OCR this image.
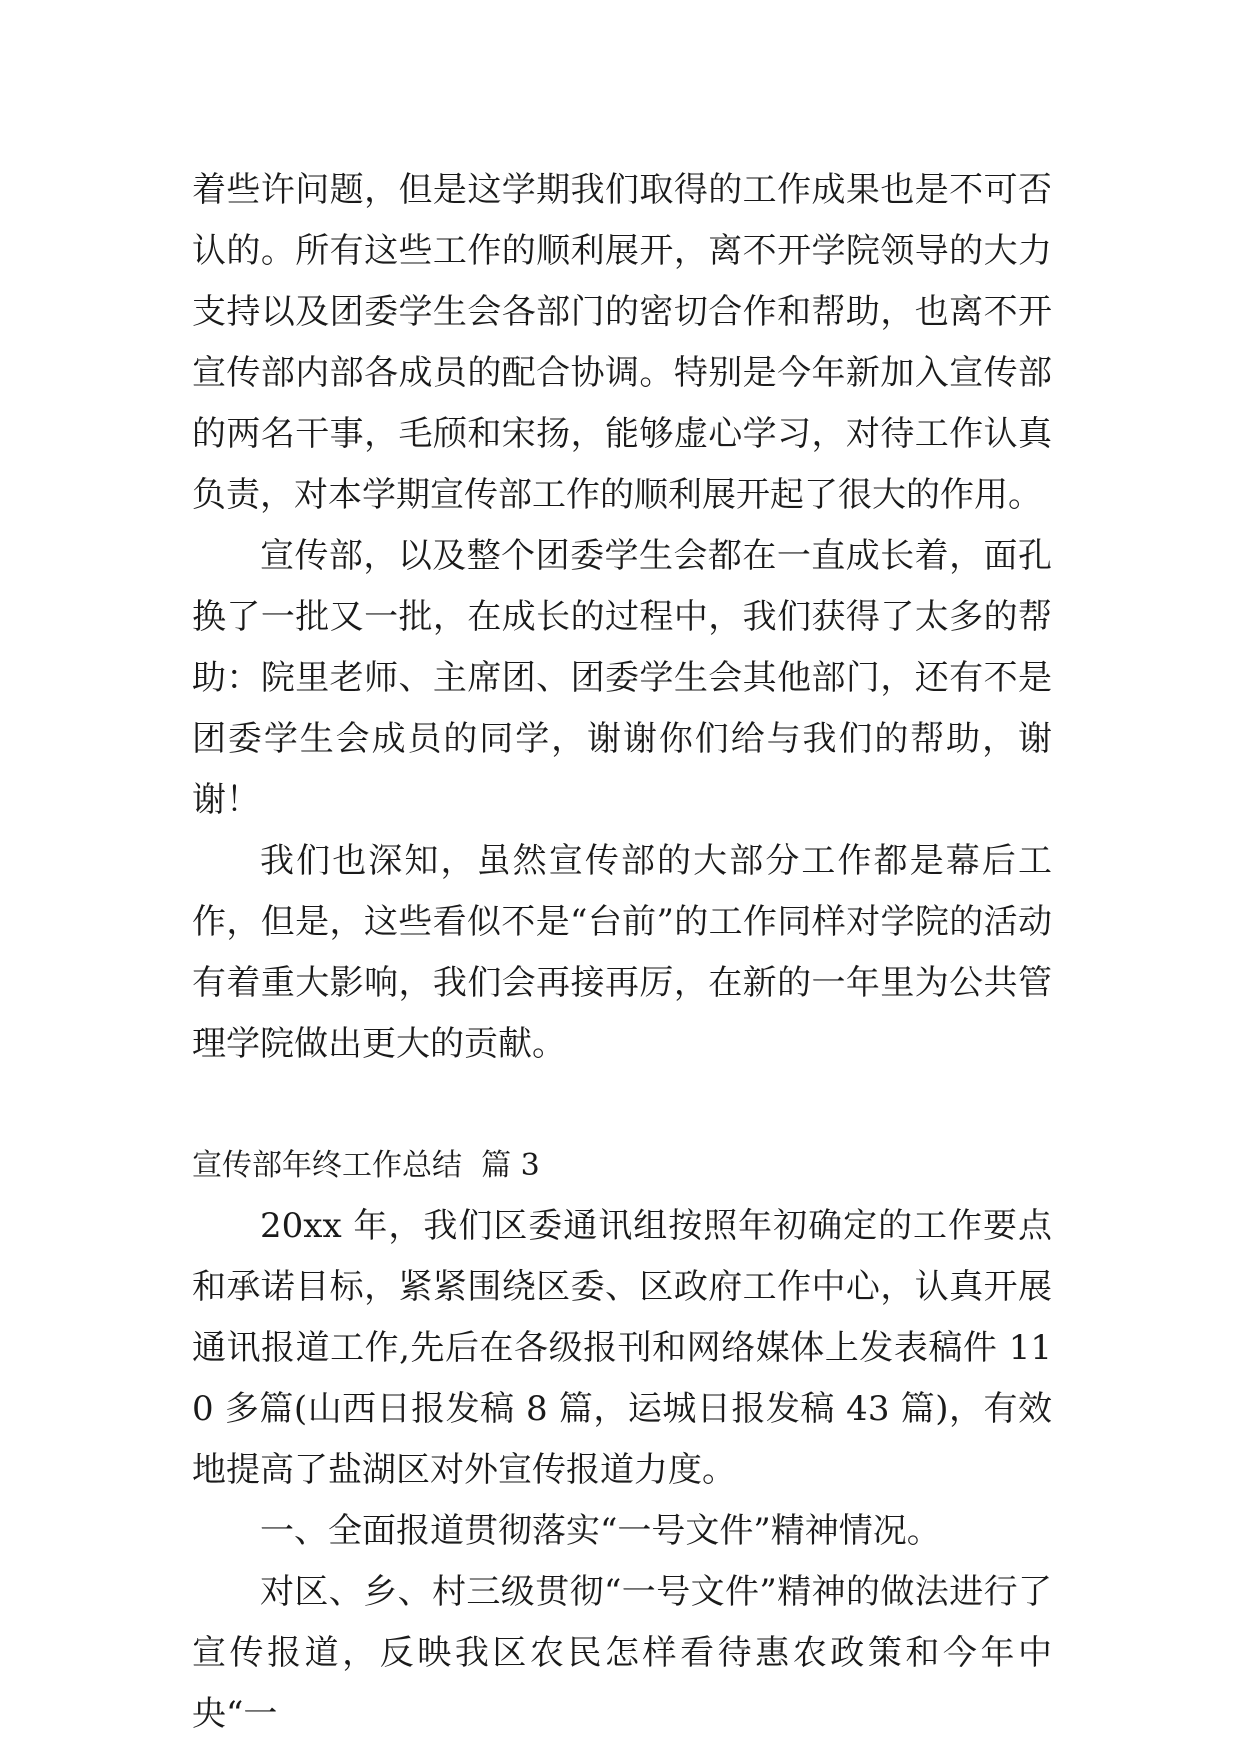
着些许问题，但是这学期我们取得的工作成果也是不可否认的。所有这些工作的顺利展开，离不开学院领导的大力支持以及团委学生会各部门的密切合作和帮助，也离不开宣传部内部各成员的配合协调。特别是今年新加入宣传部的两名干事，毛颀和宋扬，能够虚心学习，对待工作认真负责，对本学期宣传部工作的顺利展开起了很大的作用。

宣传部，以及整个团委学生会都在一直成长着，面孔换了一批又一批，在成长的过程中，我们获得了太多的帮助：院里老师、主席团、团委学生会其他部门，还有不是团委学生会成员的同学，谢谢你们给与我们的帮助，谢谢！

我们也深知，虽然宣传部的大部分工作都是幕后工作，但是，这些看似不是“台前”的工作同样对学院的活动有着重大影响，我们会再接再厉，在新的一年里为公共管理学院做出更大的贡献。

宣传部年终工作总结  篇 3

20xx 年，我们区委通讯组按照年初确定的工作要点和承诺目标，紧紧围绕区委、区政府工作中心，认真开展通讯报道工作,先后在各级报刊和网络媒体上发表稿件 110 多篇(山西日报发稿 8 篇，运城日报发稿 43 篇)，有效地提高了盐湖区对外宣传报道力度。

一、全面报道贯彻落实“一号文件”精神情况。

对区、乡、村三级贯彻“一号文件”精神的做法进行了宣传报道，反映我区农民怎样看待惠农政策和今年中央“一
